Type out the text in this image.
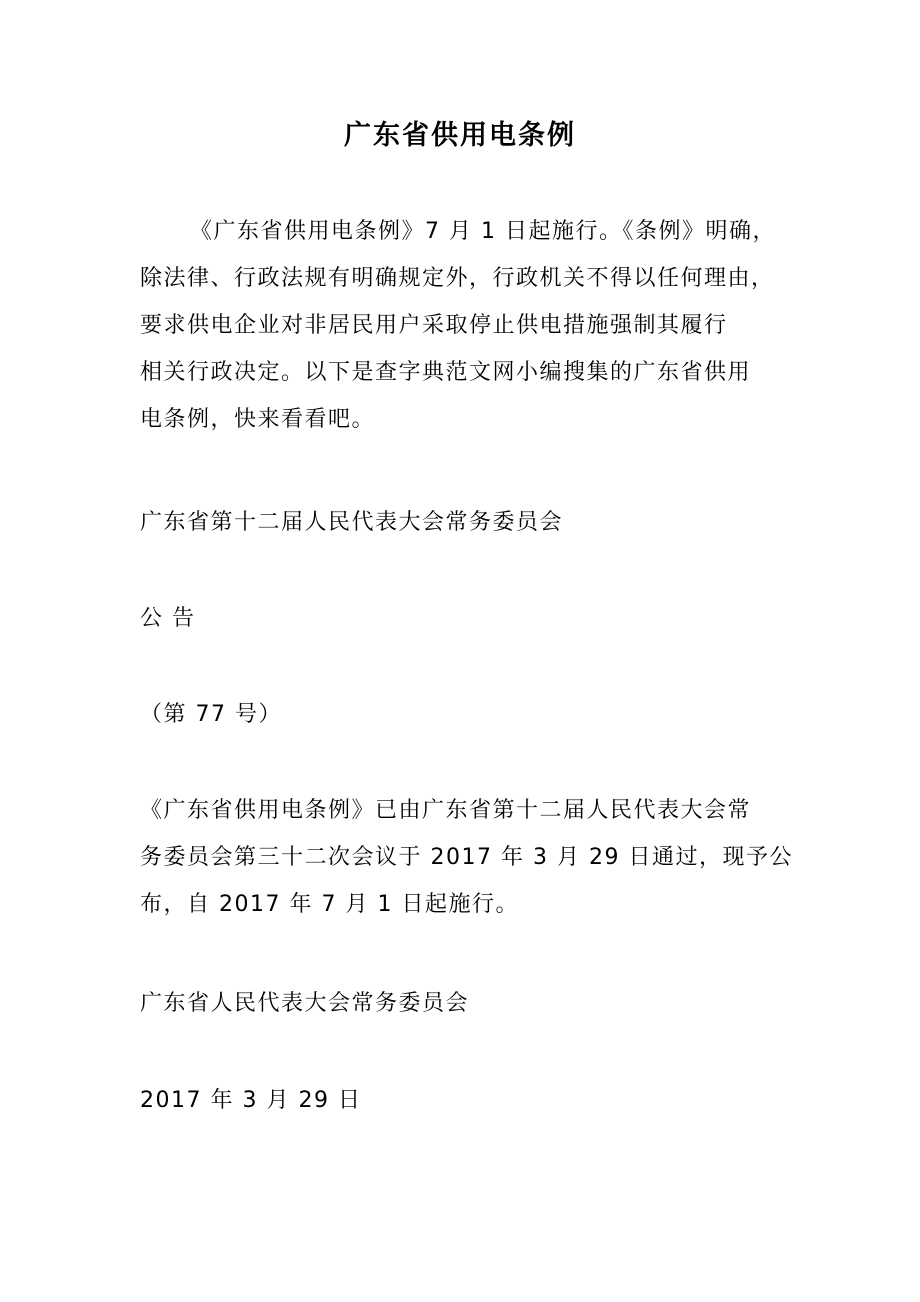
广东省供用电条例
《广东省供用电条例》7 月 1 日起施行。《条例》明确，
除法律、行政法规有明确规定外，行政机关不得以任何理由，
要求供电企业对非居民用户采取停止供电措施强制其履行
相关行政决定。以下是查字典范文网小编搜集的广东省供用
电条例，快来看看吧。

广东省第十二届人民代表大会常务委员会

公 告

（第 77 号）

《广东省供用电条例》已由广东省第十二届人民代表大会常
务委员会第三十二次会议于 2017 年 3 月 29 日通过，现予公
布，自 2017 年 7 月 1 日起施行。

广东省人民代表大会常务委员会

2017 年 3 月 29 日
